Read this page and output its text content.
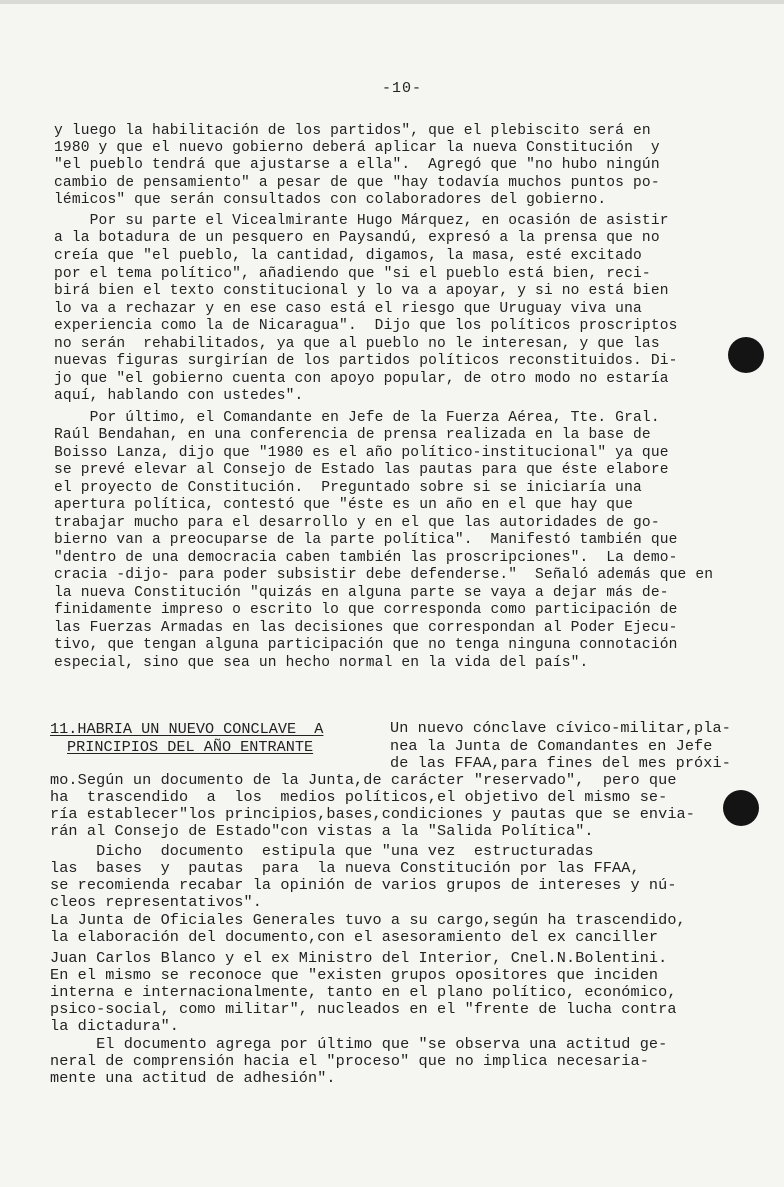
-10-
y luego la habilitación de los partidos", que el plebiscito será en
1980 y que el nuevo gobierno deberá aplicar la nueva Constitución  y
"el pueblo tendrá que ajustarse a ella".  Agregó que "no hubo ningún
cambio de pensamiento" a pesar de que "hay todavía muchos puntos po-
lémicos" que serán consultados con colaboradores del gobierno.
Por su parte el Vicealmirante Hugo Márquez, en ocasión de asistir
a la botadura de un pesquero en Paysandú, expresó a la prensa que no
creía que "el pueblo, la cantidad, digamos, la masa, esté excitado
por el tema político", añadiendo que "si el pueblo está bien, reci-
birá bien el texto constitucional y lo va a apoyar, y si no está bien
lo va a rechazar y en ese caso está el riesgo que Uruguay viva una
experiencia como la de Nicaragua".  Dijo que los políticos proscriptos
no serán  rehabilitados, ya que al pueblo no le interesan, y que las
nuevas figuras surgirían de los partidos políticos reconstituidos. Di-
jo que "el gobierno cuenta con apoyo popular, de otro modo no estaría
aquí, hablando con ustedes".
Por último, el Comandante en Jefe de la Fuerza Aérea, Tte. Gral.
Raúl Bendahan, en una conferencia de prensa realizada en la base de
Boisso Lanza, dijo que "1980 es el año político-institucional" ya que
se prevé elevar al Consejo de Estado las pautas para que éste elabore
el proyecto de Constitución.  Preguntado sobre si se iniciaría una
apertura política, contestó que "éste es un año en el que hay que
trabajar mucho para el desarrollo y en el que las autoridades de go-
bierno van a preocuparse de la parte política".  Manifestó también que
"dentro de una democracia caben también las proscripciones".  La demo-
cracia -dijo- para poder subsistir debe defenderse."  Señaló además que en
la nueva Constitución "quizás en alguna parte se vaya a dejar más de-
finidamente impreso o escrito lo que corresponda como participación de
las Fuerzas Armadas en las decisiones que correspondan al Poder Ejecu-
tivo, que tengan alguna participación que no tenga ninguna connotación
especial, sino que sea un hecho normal en la vida del país".
11.HABRIA UN NUEVO CONCLAVE  A
PRINCIPIOS DEL AÑO ENTRANTE
Un nuevo cónclave cívico-militar,pla-
nea la Junta de Comandantes en Jefe
de las FFAA,para fines del mes próxi-
mo.Según un documento de la Junta,de carácter "reservado",  pero que
ha  trascendido  a  los  medios políticos,el objetivo del mismo se-
ría establecer"los principios,bases,condiciones y pautas que se envia-
rán al Consejo de Estado"con vistas a la "Salida Política".
Dicho  documento  estipula que "una vez  estructuradas
las  bases  y  pautas  para  la nueva Constitución por las FFAA,
se recomienda recabar la opinión de varios grupos de intereses y nú-
cleos representativos".
La Junta de Oficiales Generales tuvo a su cargo,según ha trascendido,
la elaboración del documento,con el asesoramiento del ex canciller
Juan Carlos Blanco y el ex Ministro del Interior, Cnel.N.Bolentini.
En el mismo se reconoce que "existen grupos opositores que inciden
interna e internacionalmente, tanto en el plano político, económico,
psico-social, como militar", nucleados en el "frente de lucha contra
la dictadura".
El documento agrega por último que "se observa una actitud ge-
neral de comprensión hacia el "proceso" que no implica necesaria-
mente una actitud de adhesión".
